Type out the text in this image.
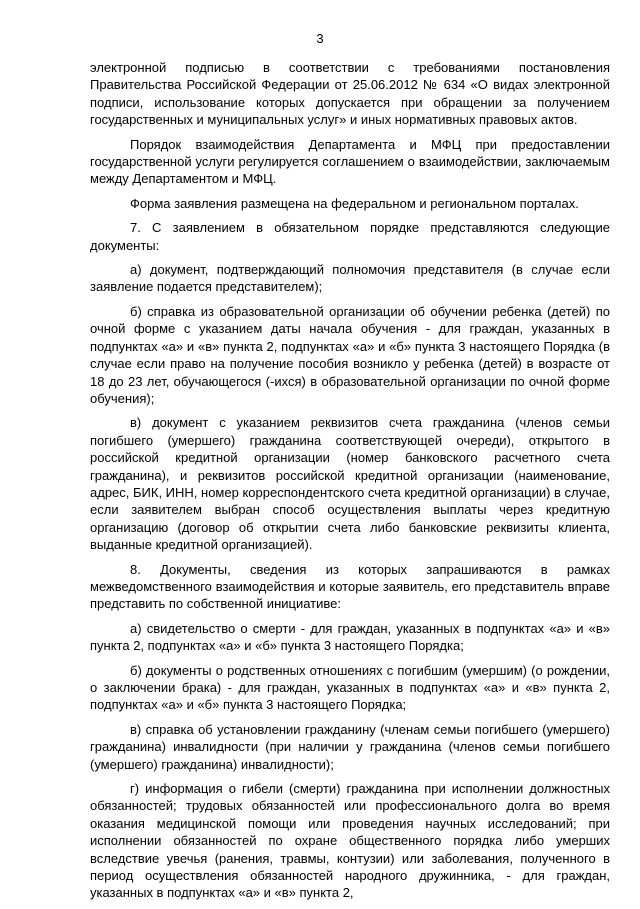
3

электронной подписью в соответствии с требованиями постановления Правительства Российской Федерации от 25.06.2012 № 634 «О видах электронной подписи, использование которых допускается при обращении за получением государственных и муниципальных услуг» и иных нормативных правовых актов.

Порядок взаимодействия Департамента и МФЦ при предоставлении государственной услуги регулируется соглашением о взаимодействии, заключаемым между Департаментом и МФЦ.

Форма заявления размещена на федеральном и региональном порталах.

7. С заявлением в обязательном порядке представляются следующие документы:

а) документ, подтверждающий полномочия представителя (в случае если заявление подается представителем);

б) справка из образовательной организации об обучении ребенка (детей) по очной форме с указанием даты начала обучения - для граждан, указанных в подпунктах «а» и «в» пункта 2, подпунктах «а» и «б» пункта 3 настоящего Порядка (в случае если право на получение пособия возникло у ребенка (детей) в возрасте от 18 до 23 лет, обучающегося (-ихся) в образовательной организации по очной форме обучения);

в) документ с указанием реквизитов счета гражданина (членов семьи погибшего (умершего) гражданина соответствующей очереди), открытого в российской кредитной организации (номер банковского расчетного счета гражданина), и реквизитов российской кредитной организации (наименование, адрес, БИК, ИНН, номер корреспондентского счета кредитной организации) в случае, если заявителем выбран способ осуществления выплаты через кредитную организацию (договор об открытии счета либо банковские реквизиты клиента, выданные кредитной организацией).

8. Документы, сведения из которых запрашиваются в рамках межведомственного взаимодействия и которые заявитель, его представитель вправе представить по собственной инициативе:

а) свидетельство о смерти - для граждан, указанных в подпунктах «а» и «в» пункта 2, подпунктах «а» и «б» пункта 3 настоящего Порядка;

б) документы о родственных отношениях с погибшим (умершим) (о рождении, о заключении брака) - для граждан, указанных в подпунктах «а» и «в» пункта 2, подпунктах «а» и «б» пункта 3 настоящего Порядка;

в) справка об установлении гражданину (членам семьи погибшего (умершего) гражданина) инвалидности (при наличии у гражданина (членов семьи погибшего (умершего) гражданина) инвалидности);

г) информация о гибели (смерти) гражданина при исполнении должностных обязанностей; трудовых обязанностей или профессионального долга во время оказания медицинской помощи или проведения научных исследований; при исполнении обязанностей по охране общественного порядка либо умерших вследствие увечья (ранения, травмы, контузии) или заболевания, полученного в период осуществления обязанностей народного дружинника, - для граждан, указанных в подпунктах «а» и «в» пункта 2,
